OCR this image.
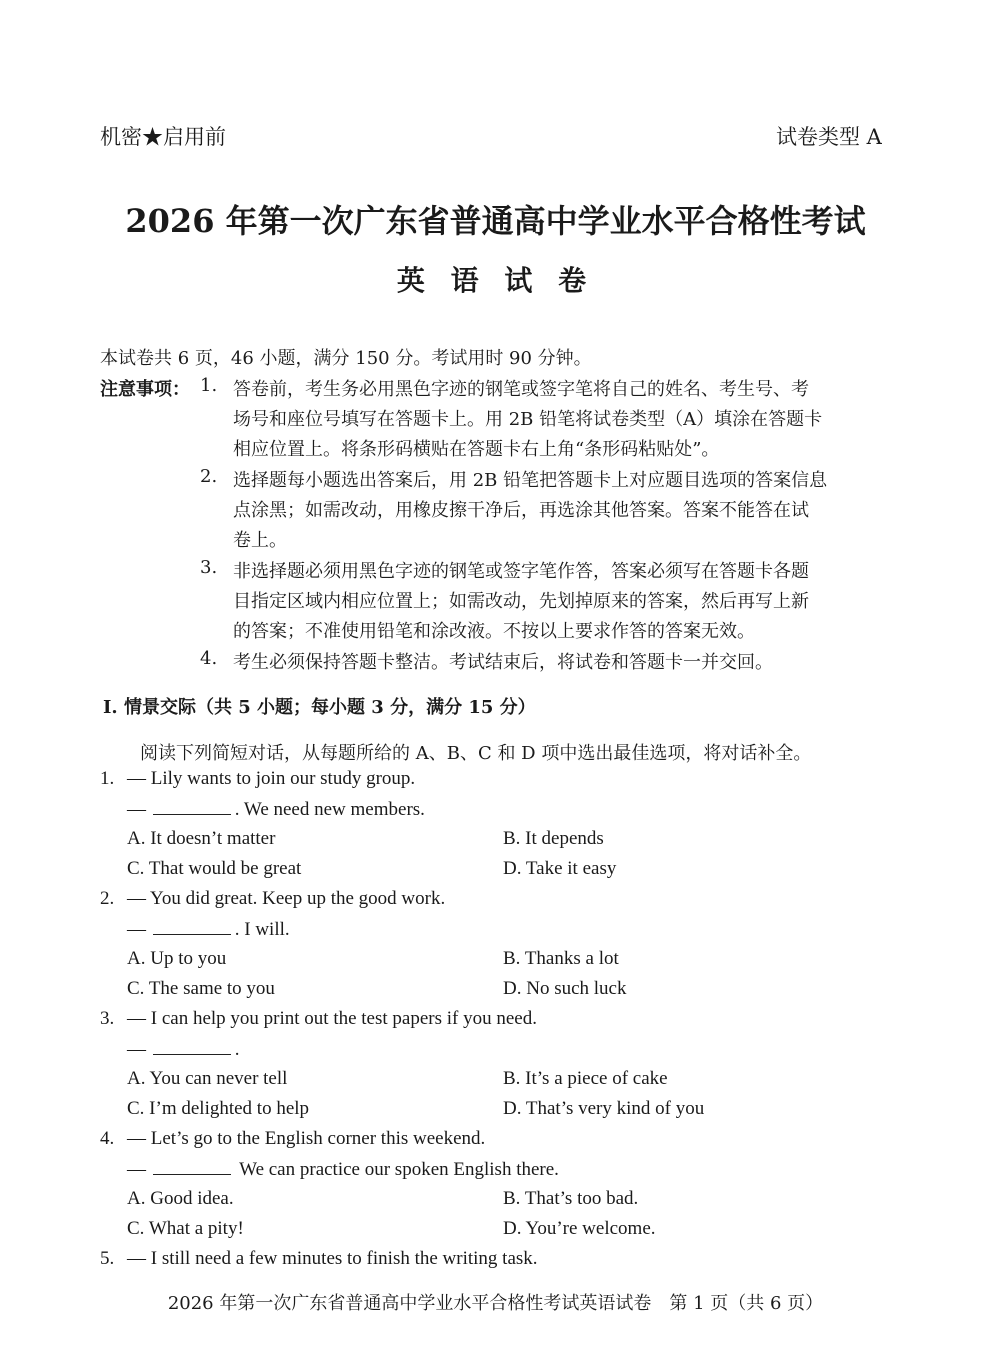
机密★启用前	试卷类型 A
2026 年第一次广东省普通高中学业水平合格性考试
英 语 试 卷
本试卷共 6 页，46 小题，满分 150 分。考试用时 90 分钟。
注意事项： 1. 答卷前，考生务必用黑色字迹的钢笔或签字笔将自己的姓名、考生号、考
场号和座位号填写在答题卡上。用 2B 铅笔将试卷类型（A）填涂在答题卡
相应位置上。将条形码横贴在答题卡右上角“条形码粘贴处”。
2. 选择题每小题选出答案后，用 2B 铅笔把答题卡上对应题目选项的答案信息
点涂黑；如需改动，用橡皮擦干净后，再选涂其他答案。答案不能答在试
卷上。
3. 非选择题必须用黑色字迹的钢笔或签字笔作答，答案必须写在答题卡各题
目指定区域内相应位置上；如需改动，先划掉原来的答案，然后再写上新
的答案；不准使用铅笔和涂改液。不按以上要求作答的答案无效。
4. 考生必须保持答题卡整洁。考试结束后，将试卷和答题卡一并交回。
Ⅰ. 情景交际（共 5 小题；每小题 3 分，满分 15 分）
阅读下列简短对话，从每题所给的 A、B、C 和 D 项中选出最佳选项，将对话补全。
1. — Lily wants to join our study group.
—	. We need new members.
A. It doesn’t matter	B. It depends
C. That would be great	D. Take it easy
2. — You did great. Keep up the good work.
—	. I will.
A. Up to you	B. Thanks a lot
C. The same to you	D. No such luck
3. — I can help you print out the test papers if you need.
—	.
A. You can never tell	B. It’s a piece of cake
C. I’m delighted to help	D. That’s very kind of you
4. — Let’s go to the English corner this weekend.
—	We can practice our spoken English there.
A. Good idea.	B. That’s too bad.
C. What a pity!	D. You’re welcome.
5. — I still need a few minutes to finish the writing task.
2026 年第一次广东省普通高中学业水平合格性考试英语试卷　第 1 页（共 6 页）
